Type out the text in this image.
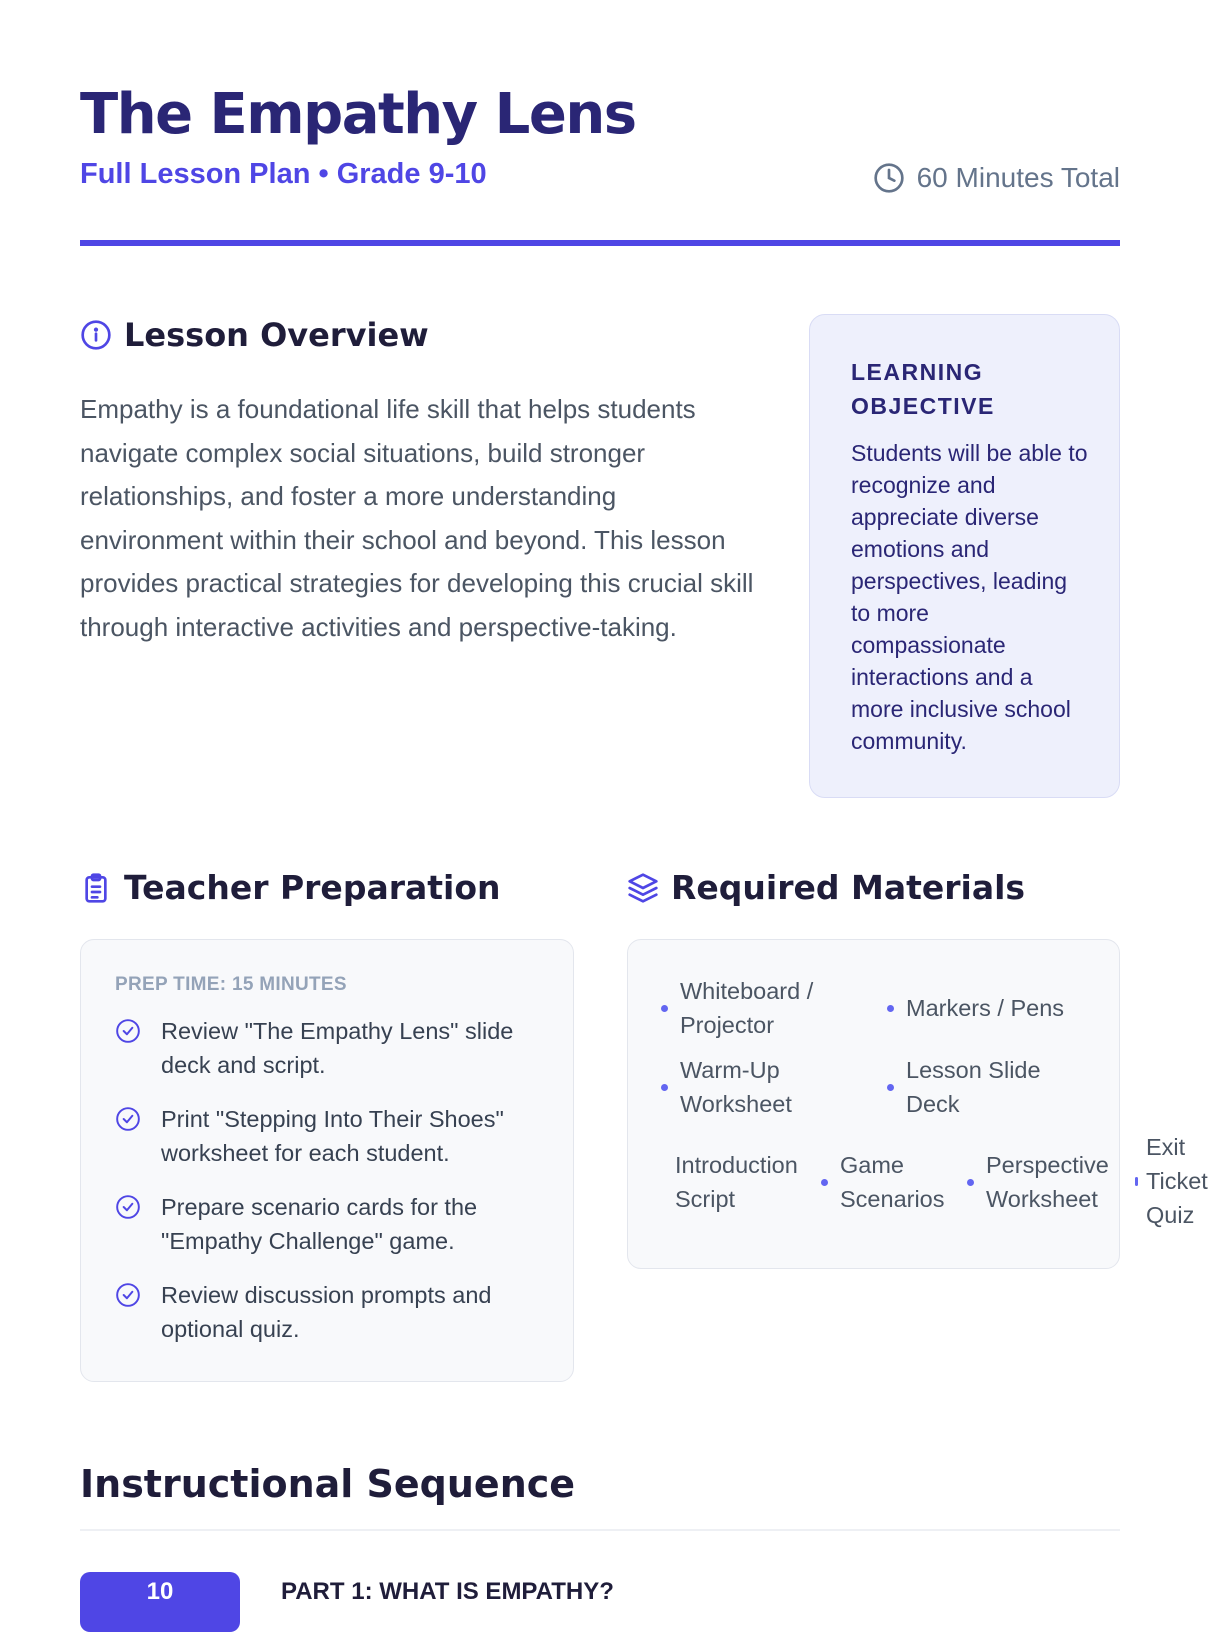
The Empathy Lens
Full Lesson Plan • Grade 9-10	60 Minutes Total
Lesson Overview

Empathy is a foundational life skill that helps students navigate complex social situations, build stronger relationships, and foster a more understanding environment within their school and beyond. This lesson provides practical strategies for developing this crucial skill through interactive activities and perspective-taking.

LEARNING OBJECTIVE

Students will be able to recognize and appreciate diverse emotions and perspectives, leading to more compassionate interactions and a more inclusive school community.

Teacher Preparation
PREP TIME: 15 MINUTES
Review "The Empathy Lens" slide deck and script.
Print "Stepping Into Their Shoes" worksheet for each student.
Prepare scenario cards for the "Empathy Challenge" game.
Review discussion prompts and optional quiz.
Required Materials
Whiteboard / Projector
Markers / Pens
Warm-Up Worksheet
Lesson Slide Deck
Introduction Script
Game Scenarios
Perspective Worksheet
Exit Ticket Quiz
Instructional Sequence
10	PART 1: WHAT IS EMPATHY?
